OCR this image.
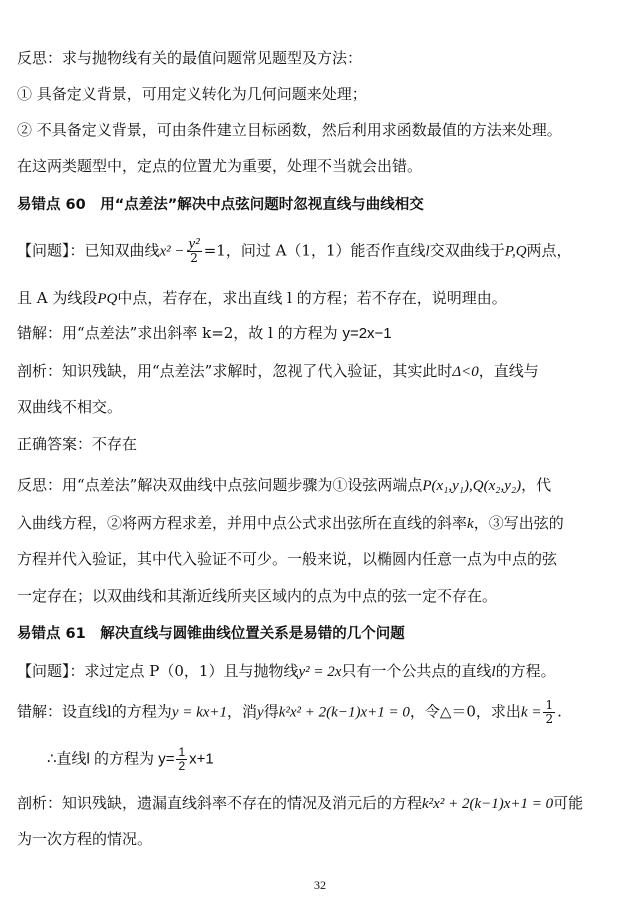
反思：求与抛物线有关的最值问题常见题型及方法：
① 具备定义背景，可用定义转化为几何问题来处理；
② 不具备定义背景，可由条件建立目标函数，然后利用求函数最值的方法来处理。
在这两类题型中，定点的位置尤为重要，处理不当就会出错。
易错点 60　用“点差法”解决中点弦问题时忽视直线与曲线相交
【问题】：已知双曲线$x^2 - \frac{\text{y²}}{2} =1$，问过 A（1，1）能否作直线l交双曲线于P,Q两点，
且 A 为线段PQ中点，若存在，求出直线 l 的方程；若不存在，说明理由。
错解：用“点差法”求出斜率 k=2，故 l 的方程为 y=2x−1
剖析：知识残缺，用“点差法”求解时，忽视了代入验证，其实此时Δ<0，直线与
双曲线不相交。
正确答案：不存在
反思：用“点差法”解决双曲线中点弦问题步骤为①设弦两端点P(x₁,y₁),Q(x₂,y₂)，代
入曲线方程，②将两方程求差，并用中点公式求出弦所在直线的斜率k，③写出弦的
方程并代入验证，其中代入验证不可少。一般来说，以椭圆内任意一点为中点的弦
一定存在；以双曲线和其渐近线所夹区域内的点为中点的弦一定不存在。
易错点 61　解决直线与圆锥曲线位置关系是易错的几个问题
【问题】：求过定点 P（0，1）且与抛物线y² = 2x只有一个公共点的直线l的方程。
错解：设直线l的方程为y = kx+1，消y得k²x² + 2(k−1)x+1 = 0，令△＝0，求出$k = \frac{1}{2}$ .
∴直线l 的方程为 $y= \frac{1}{2} x+1$
剖析：知识残缺，遗漏直线斜率不存在的情况及消元后的方程k²x² + 2(k−1)x+1 = 0可能
为一次方程的情况。
32
